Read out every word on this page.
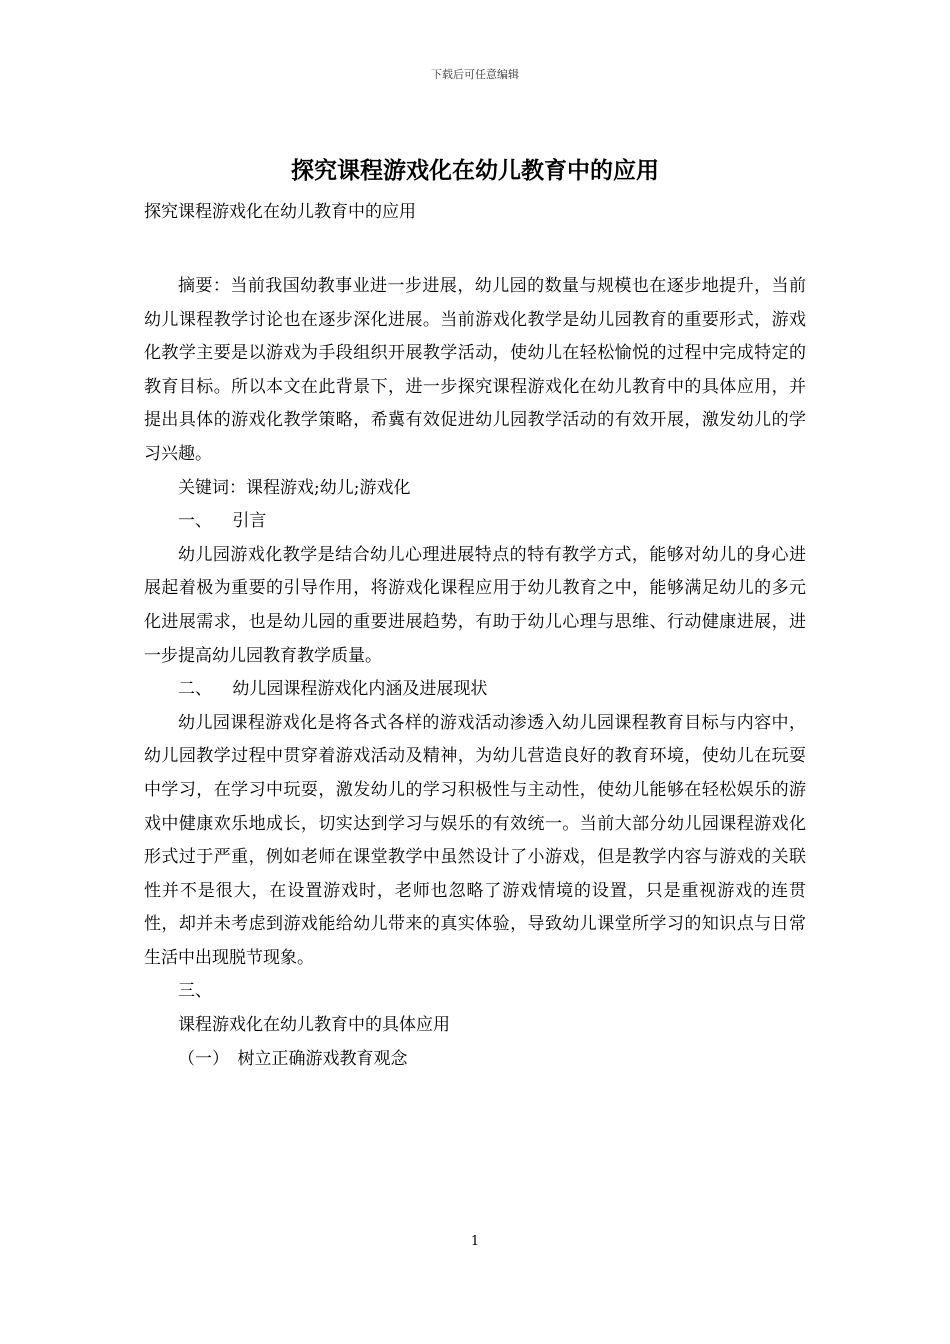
下载后可任意编辑
探究课程游戏化在幼儿教育中的应用
探究课程游戏化在幼儿教育中的应用

摘要：当前我国幼教事业进一步进展，幼儿园的数量与规模也在逐步地提升，当前幼儿课程教学讨论也在逐步深化进展。当前游戏化教学是幼儿园教育的重要形式，游戏化教学主要是以游戏为手段组织开展教学活动，使幼儿在轻松愉悦的过程中完成特定的教育目标。所以本文在此背景下，进一步探究课程游戏化在幼儿教育中的具体应用，并提出具体的游戏化教学策略，希冀有效促进幼儿园教学活动的有效开展，激发幼儿的学习兴趣。

关键词：课程游戏;幼儿;游戏化

一、 引言

幼儿园游戏化教学是结合幼儿心理进展特点的特有教学方式，能够对幼儿的身心进展起着极为重要的引导作用，将游戏化课程应用于幼儿教育之中，能够满足幼儿的多元化进展需求，也是幼儿园的重要进展趋势，有助于幼儿心理与思维、行动健康进展，进一步提高幼儿园教育教学质量。

二、 幼儿园课程游戏化内涵及进展现状

幼儿园课程游戏化是将各式各样的游戏活动渗透入幼儿园课程教育目标与内容中，幼儿园教学过程中贯穿着游戏活动及精神，为幼儿营造良好的教育环境，使幼儿在玩耍中学习，在学习中玩耍，激发幼儿的学习积极性与主动性，使幼儿能够在轻松娱乐的游戏中健康欢乐地成长，切实达到学习与娱乐的有效统一。当前大部分幼儿园课程游戏化形式过于严重，例如老师在课堂教学中虽然设计了小游戏，但是教学内容与游戏的关联性并不是很大，在设置游戏时，老师也忽略了游戏情境的设置，只是重视游戏的连贯性，却并未考虑到游戏能给幼儿带来的真实体验，导致幼儿课堂所学习的知识点与日常生活中出现脱节现象。

三、

课程游戏化在幼儿教育中的具体应用

（一） 树立正确游戏教育观念

1
